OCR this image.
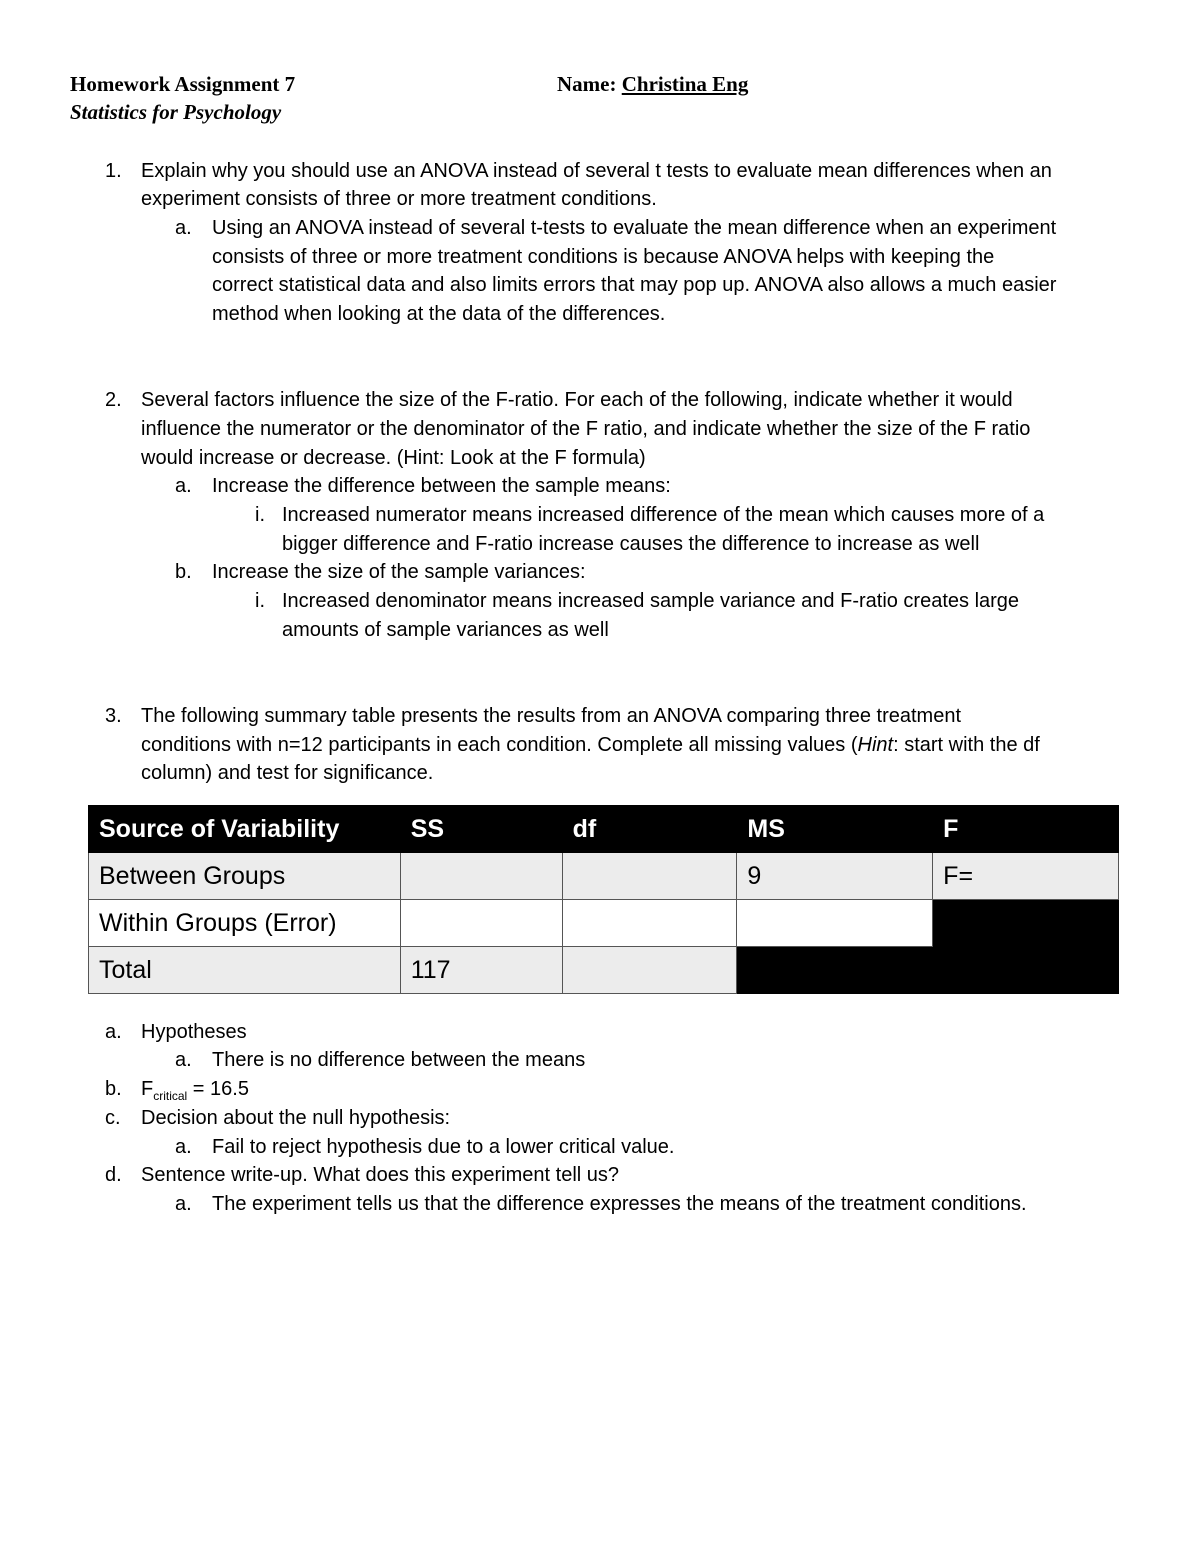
Homework Assignment 7
Statistics for Psychology
Name: Christina Eng
1. Explain why you should use an ANOVA instead of several t tests to evaluate mean differences when an
experiment consists of three or more treatment conditions.
a. Using an ANOVA instead of several t-tests to evaluate the mean difference when an experiment
consists of three or more treatment conditions is because ANOVA helps with keeping the
correct statistical data and also limits errors that may pop up. ANOVA also allows a much easier
method when looking at the data of the differences.
2. Several factors influence the size of the F-ratio. For each of the following, indicate whether it would
influence the numerator or the denominator of the F ratio, and indicate whether the size of the F ratio
would increase or decrease. (Hint: Look at the F formula)
a. Increase the difference between the sample means:
i. Increased numerator means increased difference of the mean which causes more of a
bigger difference and F-ratio increase causes the difference to increase as well
b. Increase the size of the sample variances:
i. Increased denominator means increased sample variance and F-ratio creates large
amounts of sample variances as well
3. The following summary table presents the results from an ANOVA comparing three treatment
conditions with n=12 participants in each condition. Complete all missing values (Hint: start with the df
column) and test for significance.
Source of Variability	SS	df	MS	F
Between Groups			9	F=
Within Groups (Error)				
Total	117			
a. Hypotheses
a. There is no difference between the means
b. $F_{critical} = 16.5$
c. Decision about the null hypothesis:
a. Fail to reject hypothesis due to a lower critical value.
d. Sentence write-up. What does this experiment tell us?
a. The experiment tells us that the difference expresses the means of the treatment conditions.
